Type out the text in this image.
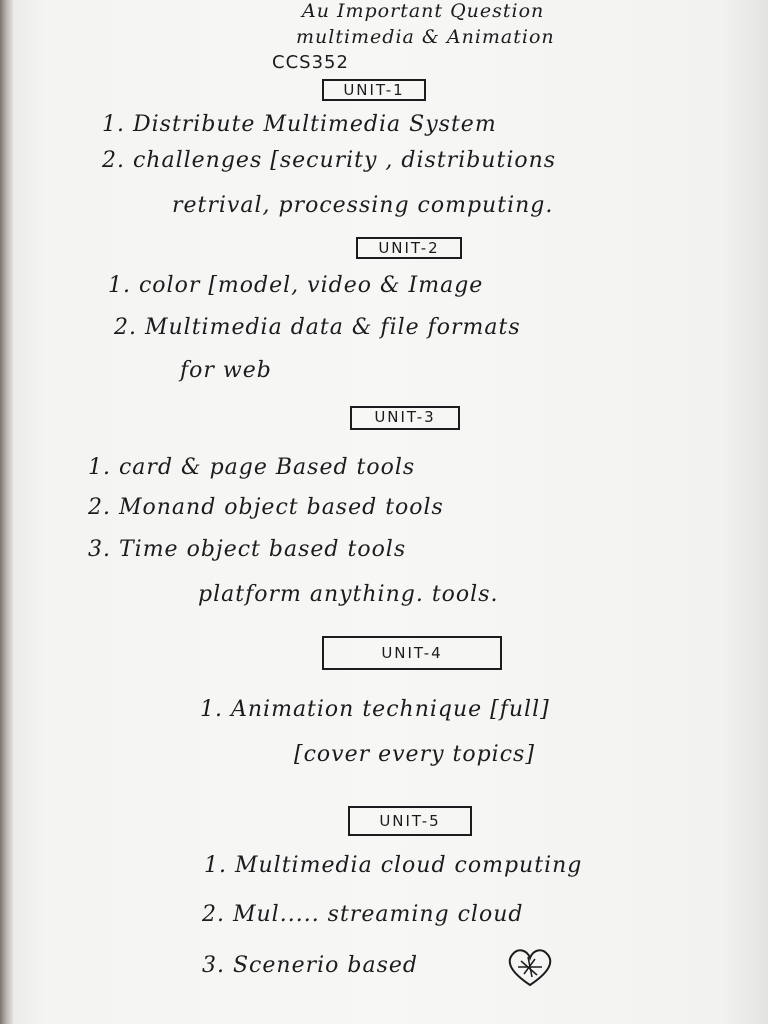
Au Important Question
multimedia & Animation
CCS352
UNIT-1
1. Distribute Multimedia System
2. challenges [security , distributions
retrival, processing computing.
UNIT-2
1. color [model, video & Image
2. Multimedia data & file formats
for web
UNIT-3
1. card & page Based tools
2. Monand object based tools
3. Time object based tools
platform anything. tools.
UNIT-4
1. Animation technique [full]
[cover every topics]
UNIT-5
1. Multimedia cloud computing
2. Mul..... streaming cloud
3. Scenerio based
